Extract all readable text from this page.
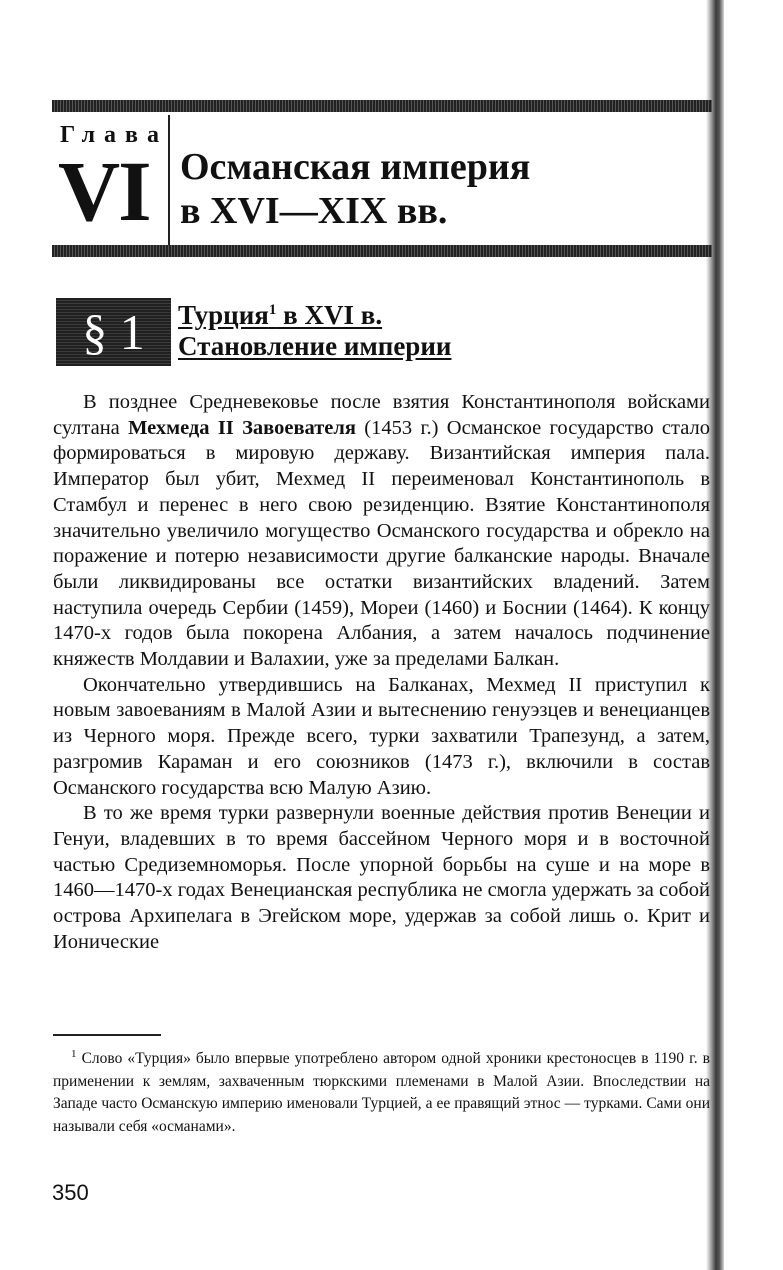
Глава
VI Османская империя
в XVI—XIX вв.
§ 1	Турция$^1$ в XVI в.
Становление империи

В позднее Средневековье после взятия Константинополя войсками султана Мехмеда II Завоевателя (1453 г.) Османское государство стало формироваться в мировую державу. Византийская империя пала. Император был убит, Мехмед II переименовал Константинополь в Стамбул и перенес в него свою резиденцию. Взятие Константинополя значительно увеличило могущество Османского государства и обрекло на поражение и потерю независимости другие балканские народы. Вначале были ликвидированы все остатки византийских владений. Затем наступила очередь Сербии (1459), Мореи (1460) и Боснии (1464). К концу 1470-х годов была покорена Албания, а затем началось подчинение княжеств Молдавии и Валахии, уже за пределами Балкан.

Окончательно утвердившись на Балканах, Мехмед II приступил к новым завоеваниям в Малой Азии и вытеснению генуэзцев и венецианцев из Черного моря. Прежде всего, турки захватили Трапезунд, а затем, разгромив Караман и его союзников (1473 г.), включили в состав Османского государства всю Малую Азию.

В то же время турки развернули военные действия против Венеции и Генуи, владевших в то время бассейном Черного моря и в восточной частью Средиземноморья. После упорной борьбы на суше и на море в 1460—1470-х годах Венецианская республика не смогла удержать за собой острова Архипелага в Эгейском море, удержав за собой лишь о. Крит и Ионические

$^1$ Слово «Турция» было впервые употреблено автором одной хроники крестоносцев в 1190 г. в применении к землям, захваченным тюркскими племенами в Малой Азии. Впоследствии на Западе часто Османскую империю именовали Турцией, а ее правящий этнос — турками. Сами они называли себя «османами».
350
